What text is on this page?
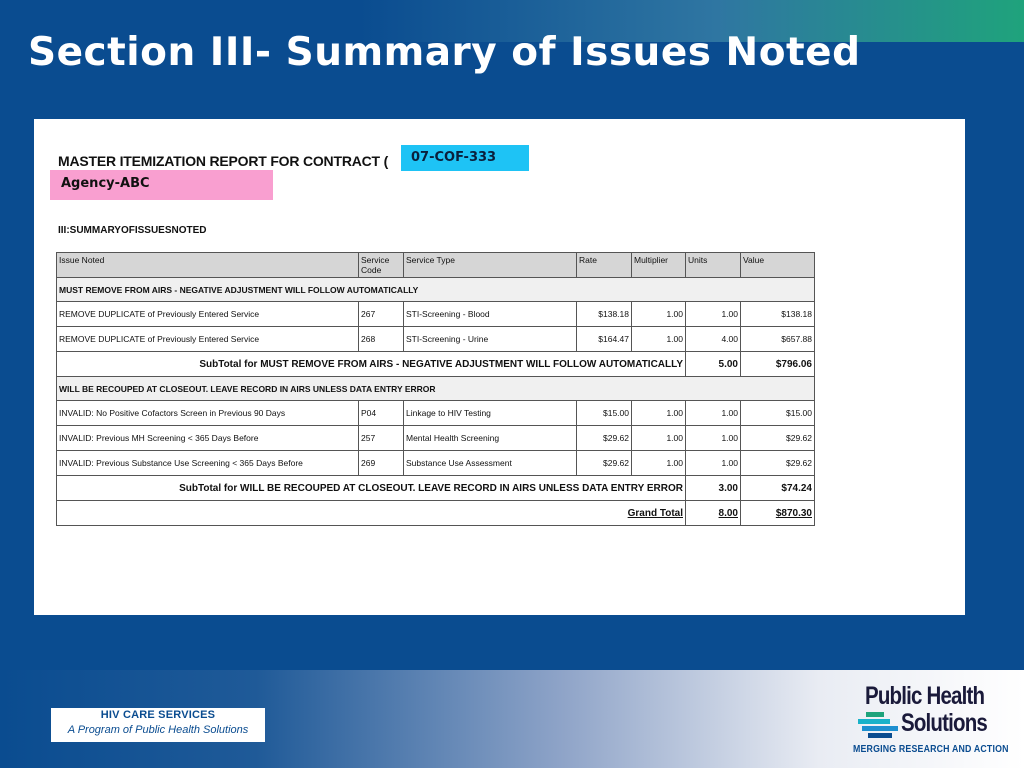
Section III- Summary of Issues Noted
MASTER ITEMIZATION REPORT FOR CONTRACT (	07-COF-333
Agency-ABC
III:SUMMARYOFISSUESNOTED
Issue Noted	Service Code	Service Type	Rate	Multiplier	Units	Value
MUST REMOVE FROM AIRS - NEGATIVE ADJUSTMENT WILL FOLLOW AUTOMATICALLY						
REMOVE DUPLICATE of Previously Entered Service	267	STI-Screening - Blood	$138.18	1.00	1.00	$138.18
REMOVE DUPLICATE of Previously Entered Service	268	STI-Screening - Urine	$164.47	1.00	4.00	$657.88
SubTotal for MUST REMOVE FROM AIRS - NEGATIVE ADJUSTMENT WILL FOLLOW AUTOMATICALLY					5.00	$796.06
WILL BE RECOUPED AT CLOSEOUT. LEAVE RECORD IN AIRS UNLESS DATA ENTRY ERROR						
INVALID: No Positive Cofactors Screen in Previous 90 Days	P04	Linkage to HIV Testing	$15.00	1.00	1.00	$15.00
INVALID: Previous MH Screening < 365 Days Before	257	Mental Health Screening	$29.62	1.00	1.00	$29.62
INVALID: Previous Substance Use Screening < 365 Days Before	269	Substance Use Assessment	$29.62	1.00	1.00	$29.62
SubTotal for WILL BE RECOUPED AT CLOSEOUT. LEAVE RECORD IN AIRS UNLESS DATA ENTRY ERROR					3.00	$74.24
Grand Total					8.00	$870.30
HIV CARE SERVICES
A Program of Public Health Solutions
Public Health
Solutions
MERGING RESEARCH AND ACTION
